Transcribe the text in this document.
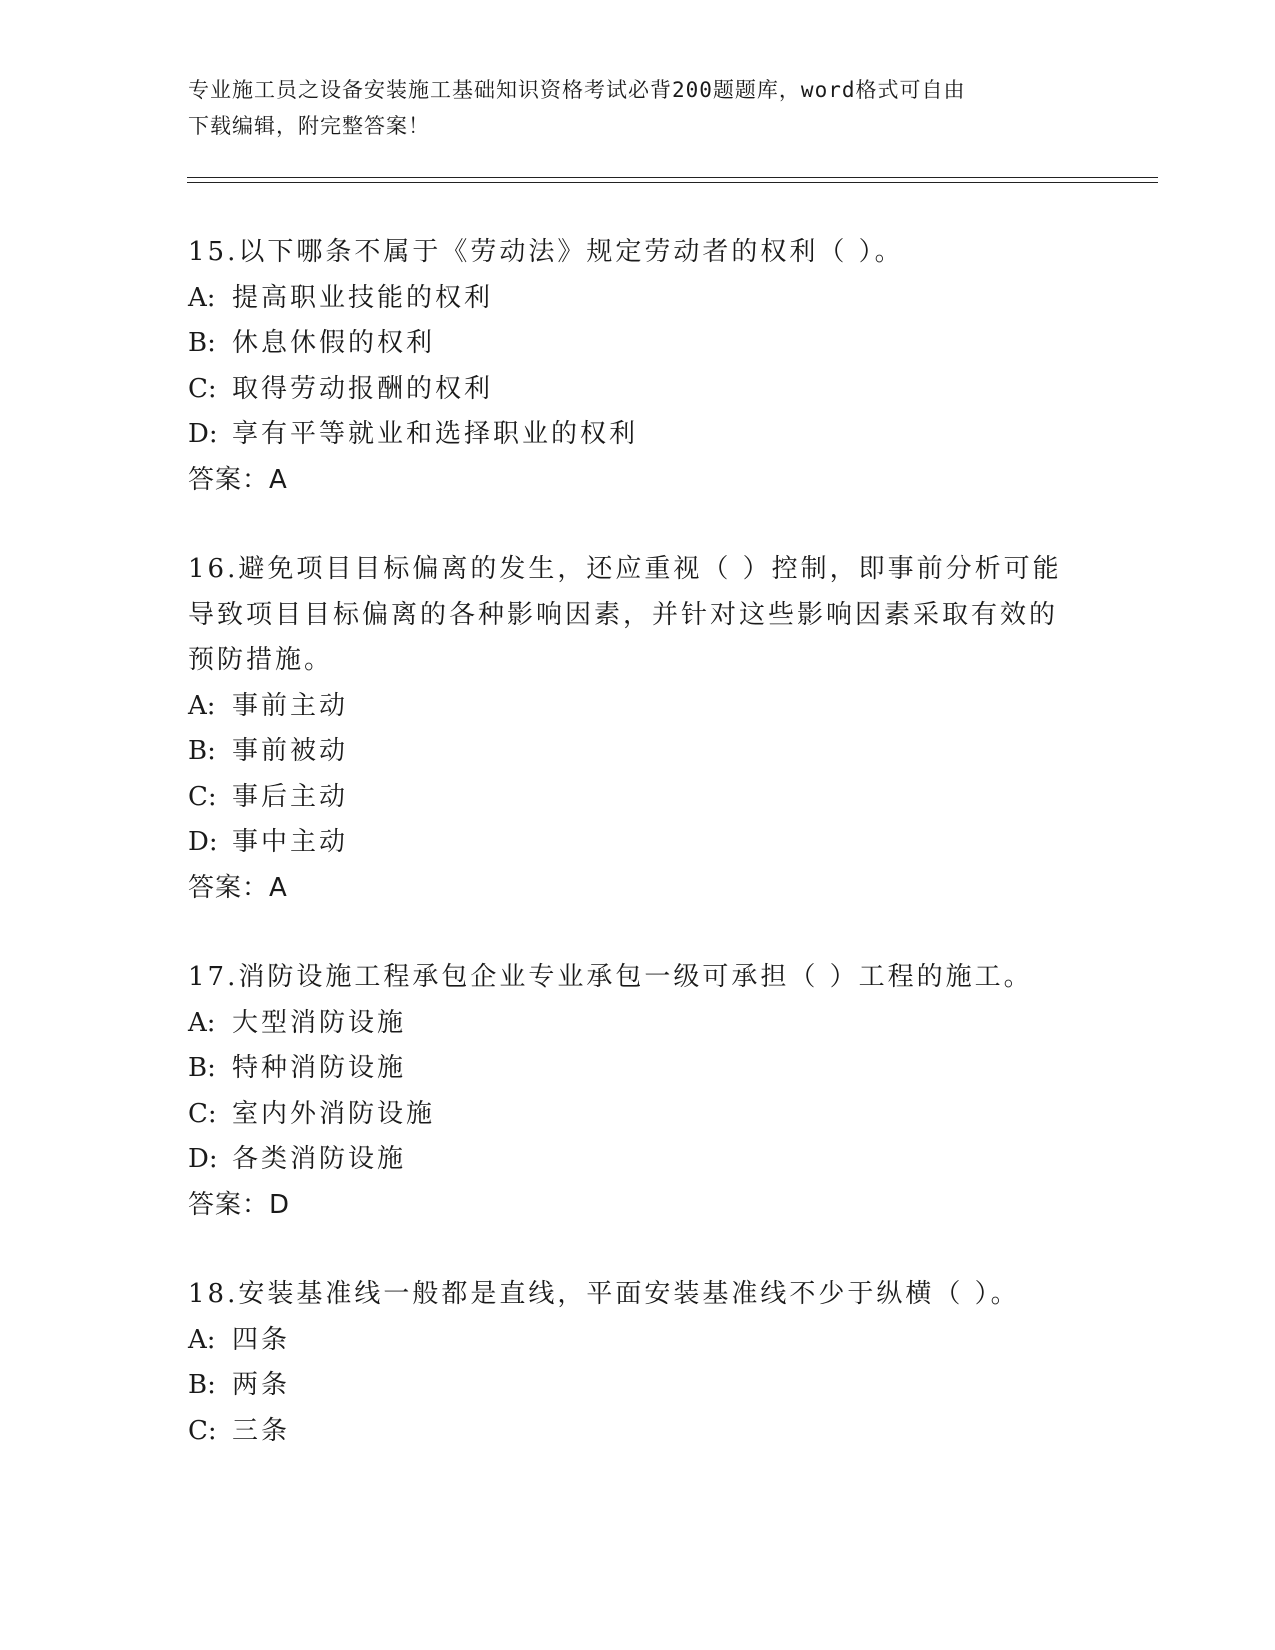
专业施工员之设备安装施工基础知识资格考试必背200题题库，word格式可自由
下载编辑，附完整答案！
15.以下哪条不属于《劳动法》规定劳动者的权利（ ）。
A: 提高职业技能的权利
B: 休息休假的权利
C: 取得劳动报酬的权利
D: 享有平等就业和选择职业的权利
答案：A
16.避免项目目标偏离的发生，还应重视（ ）控制，即事前分析可能
导致项目目标偏离的各种影响因素，并针对这些影响因素采取有效的
预防措施。
A: 事前主动
B: 事前被动
C: 事后主动
D: 事中主动
答案：A
17.消防设施工程承包企业专业承包一级可承担（ ）工程的施工。
A: 大型消防设施
B: 特种消防设施
C: 室内外消防设施
D: 各类消防设施
答案：D
18.安装基准线一般都是直线，平面安装基准线不少于纵横（ ）。
A: 四条
B: 两条
C: 三条
